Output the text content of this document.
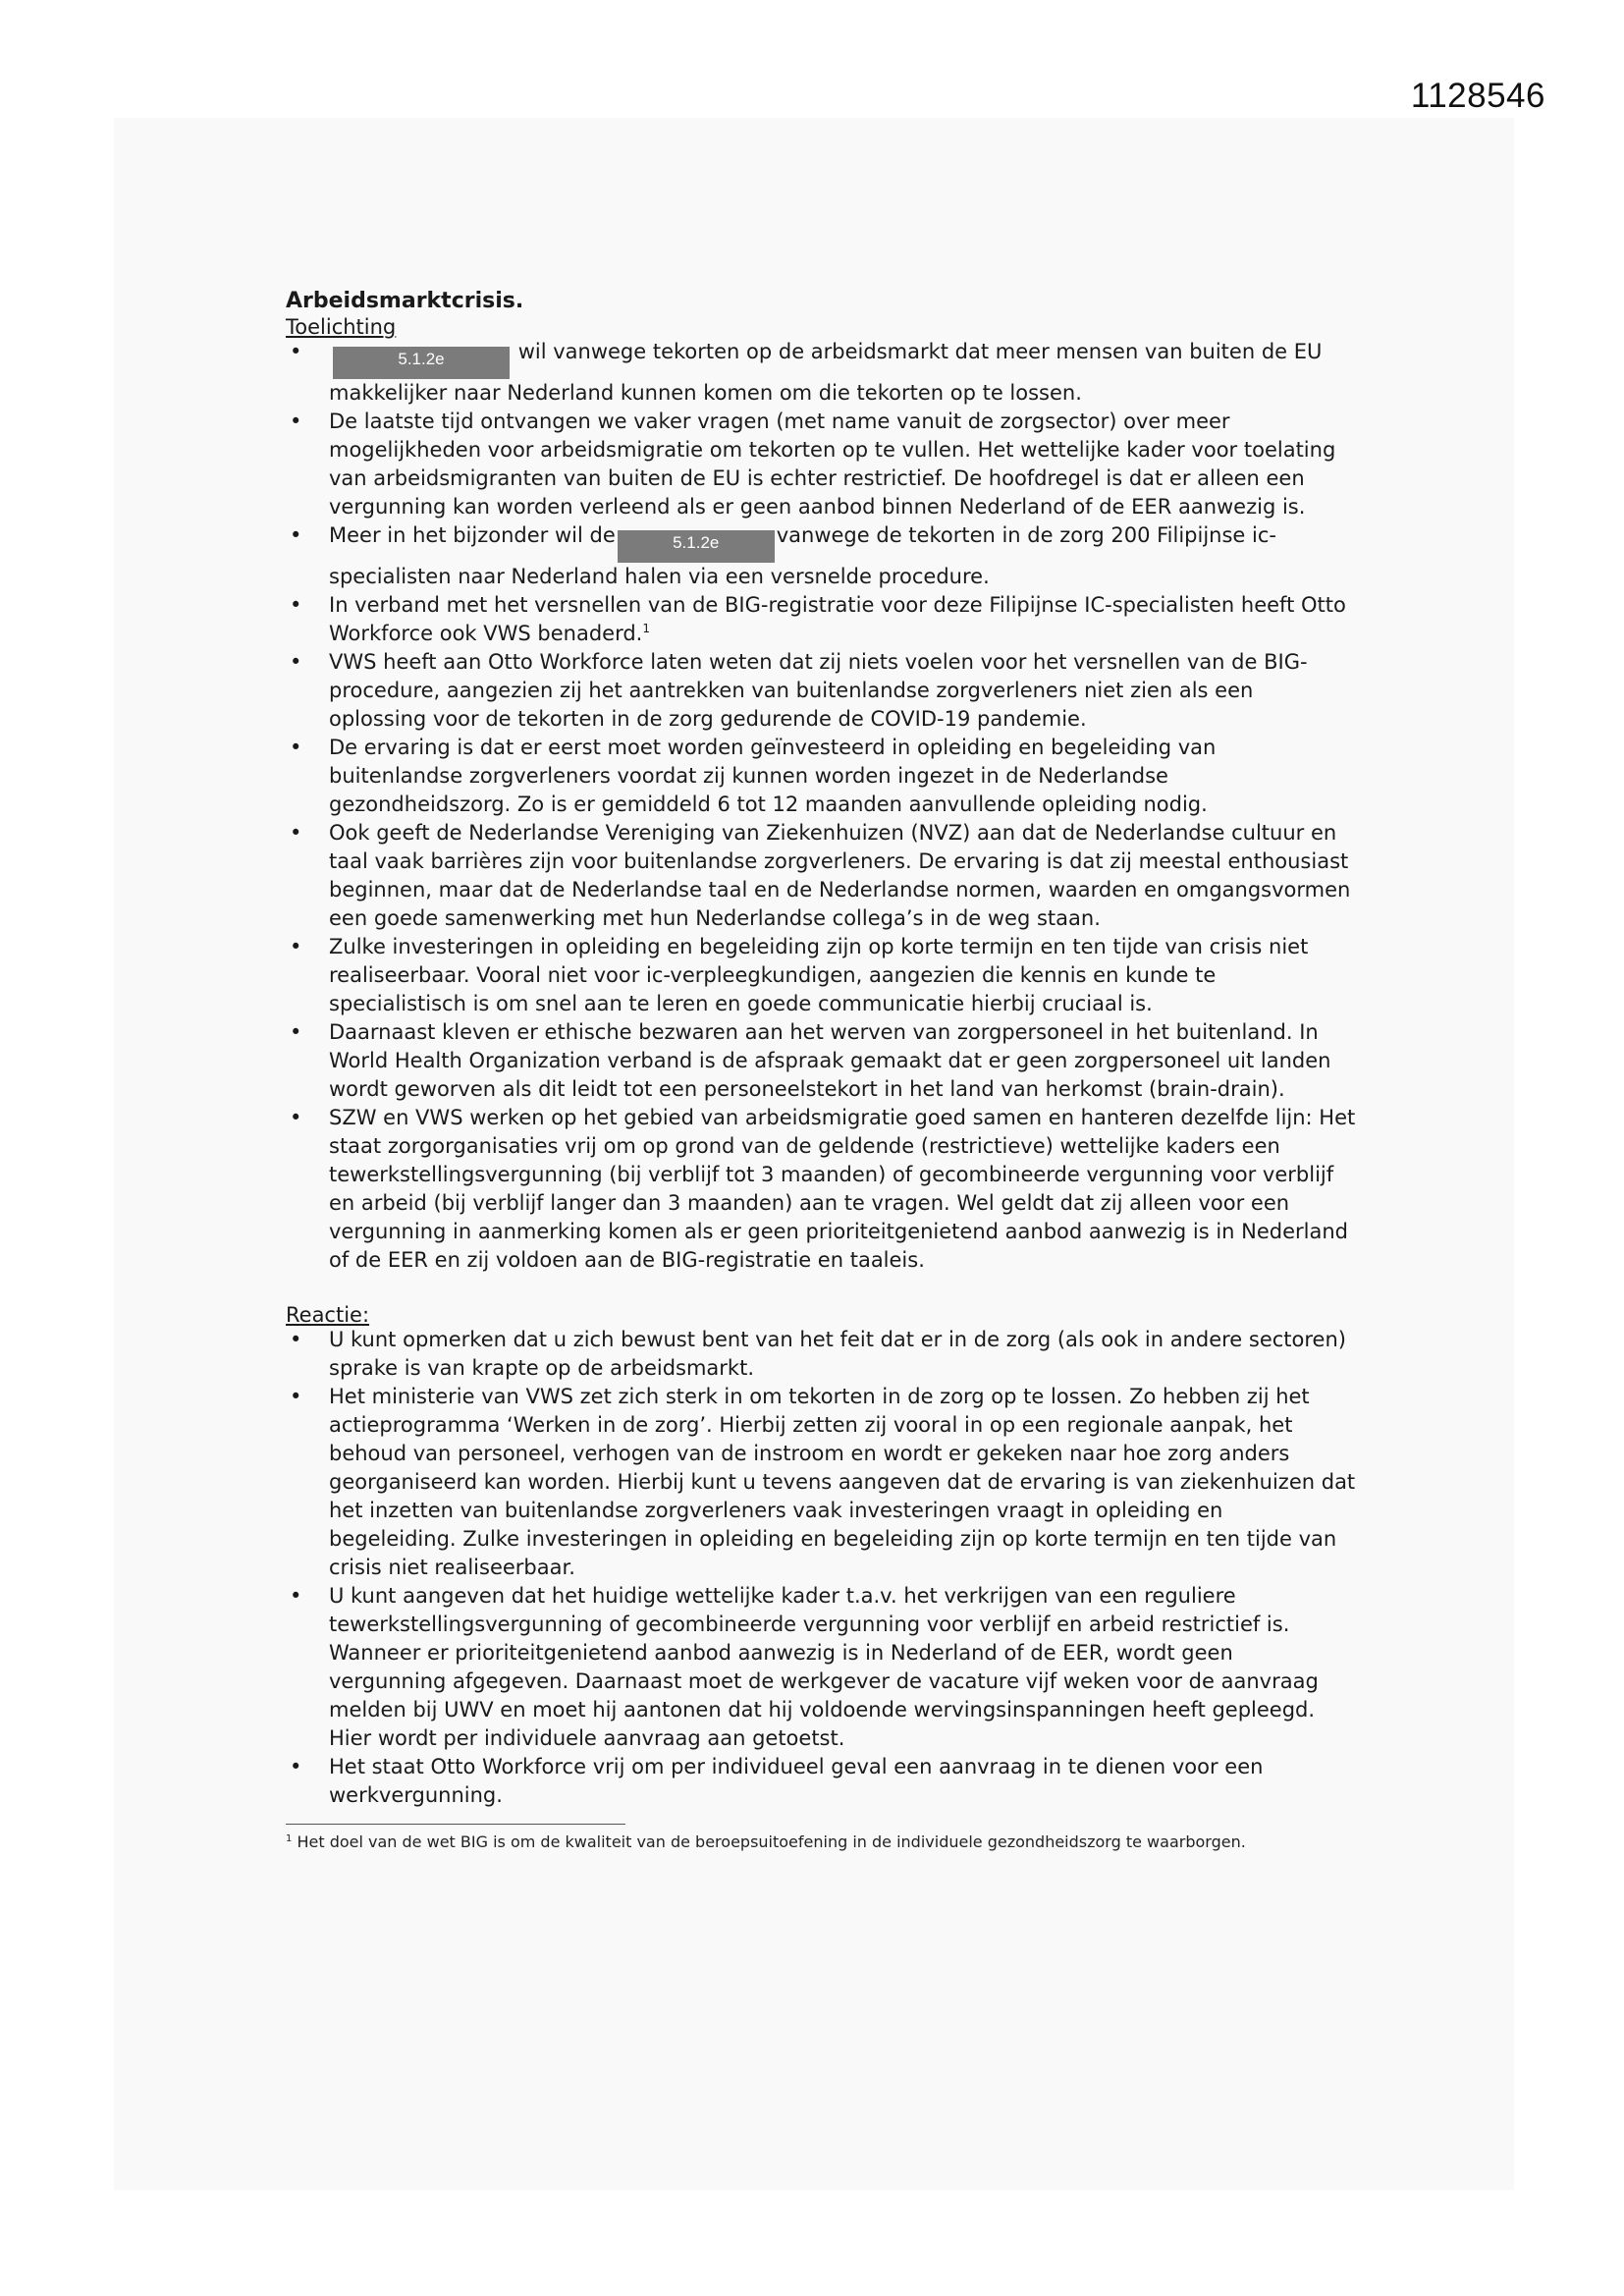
1128546

Arbeidsmarktcrisis.

Toelichting

• 5.1.2e	wil vanwege tekorten op de arbeidsmarkt dat meer mensen van buiten de EU
makkelijker naar Nederland kunnen komen om die tekorten op te lossen.
• De laatste tijd ontvangen we vaker vragen (met name vanuit de zorgsector) over meer mogelijkheden voor arbeidsmigratie om tekorten op te vullen. Het wettelijke kader voor toelating van arbeidsmigranten van buiten de EU is echter restrictief. De hoofdregel is dat er alleen een vergunning kan worden verleend als er geen aanbod binnen Nederland of de EER aanwezig is.
• Meer in het bijzonder wil de	5.1.2e	vanwege de tekorten in de zorg 200 Filipijnse ic-specialisten naar Nederland halen via een versnelde procedure.
• In verband met het versnellen van de BIG-registratie voor deze Filipijnse IC-specialisten heeft Otto Workforce ook VWS benaderd.$^1$
• VWS heeft aan Otto Workforce laten weten dat zij niets voelen voor het versnellen van de BIG-procedure, aangezien zij het aantrekken van buitenlandse zorgverleners niet zien als een oplossing voor de tekorten in de zorg gedurende de COVID-19 pandemie.
• De ervaring is dat er eerst moet worden geïnvesteerd in opleiding en begeleiding van buitenlandse zorgverleners voordat zij kunnen worden ingezet in de Nederlandse gezondheidszorg. Zo is er gemiddeld 6 tot 12 maanden aanvullende opleiding nodig.
• Ook geeft de Nederlandse Vereniging van Ziekenhuizen (NVZ) aan dat de Nederlandse cultuur en taal vaak barrières zijn voor buitenlandse zorgverleners. De ervaring is dat zij meestal enthousiast beginnen, maar dat de Nederlandse taal en de Nederlandse normen, waarden en omgangsvormen een goede samenwerking met hun Nederlandse collega’s in de weg staan.
• Zulke investeringen in opleiding en begeleiding zijn op korte termijn en ten tijde van crisis niet realiseerbaar. Vooral niet voor ic-verpleegkundigen, aangezien die kennis en kunde te specialistisch is om snel aan te leren en goede communicatie hierbij cruciaal is.
• Daarnaast kleven er ethische bezwaren aan het werven van zorgpersoneel in het buitenland. In World Health Organization verband is de afspraak gemaakt dat er geen zorgpersoneel uit landen wordt geworven als dit leidt tot een personeelstekort in het land van herkomst (brain-drain).
• SZW en VWS werken op het gebied van arbeidsmigratie goed samen en hanteren dezelfde lijn: Het staat zorgorganisaties vrij om op grond van de geldende (restrictieve) wettelijke kaders een tewerkstellingsvergunning (bij verblijf tot 3 maanden) of gecombineerde vergunning voor verblijf en arbeid (bij verblijf langer dan 3 maanden) aan te vragen. Wel geldt dat zij alleen voor een vergunning in aanmerking komen als er geen prioriteitgenietend aanbod aanwezig is in Nederland of de EER en zij voldoen aan de BIG-registratie en taaleis.

Reactie:

• U kunt opmerken dat u zich bewust bent van het feit dat er in de zorg (als ook in andere sectoren) sprake is van krapte op de arbeidsmarkt.
• Het ministerie van VWS zet zich sterk in om tekorten in de zorg op te lossen. Zo hebben zij het actieprogramma ‘Werken in de zorg’. Hierbij zetten zij vooral in op een regionale aanpak, het behoud van personeel, verhogen van de instroom en wordt er gekeken naar hoe zorg anders georganiseerd kan worden. Hierbij kunt u tevens aangeven dat de ervaring is van ziekenhuizen dat het inzetten van buitenlandse zorgverleners vaak investeringen vraagt in opleiding en begeleiding. Zulke investeringen in opleiding en begeleiding zijn op korte termijn en ten tijde van crisis niet realiseerbaar.
• U kunt aangeven dat het huidige wettelijke kader t.a.v. het verkrijgen van een reguliere tewerkstellingsvergunning of gecombineerde vergunning voor verblijf en arbeid restrictief is. Wanneer er prioriteitgenietend aanbod aanwezig is in Nederland of de EER, wordt geen vergunning afgegeven. Daarnaast moet de werkgever de vacature vijf weken voor de aanvraag melden bij UWV en moet hij aantonen dat hij voldoende wervingsinspanningen heeft gepleegd. Hier wordt per individuele aanvraag aan getoetst.
• Het staat Otto Workforce vrij om per individueel geval een aanvraag in te dienen voor een werkvergunning.
$^1$ Het doel van de wet BIG is om de kwaliteit van de beroepsuitoefening in de individuele gezondheidszorg te waarborgen.
